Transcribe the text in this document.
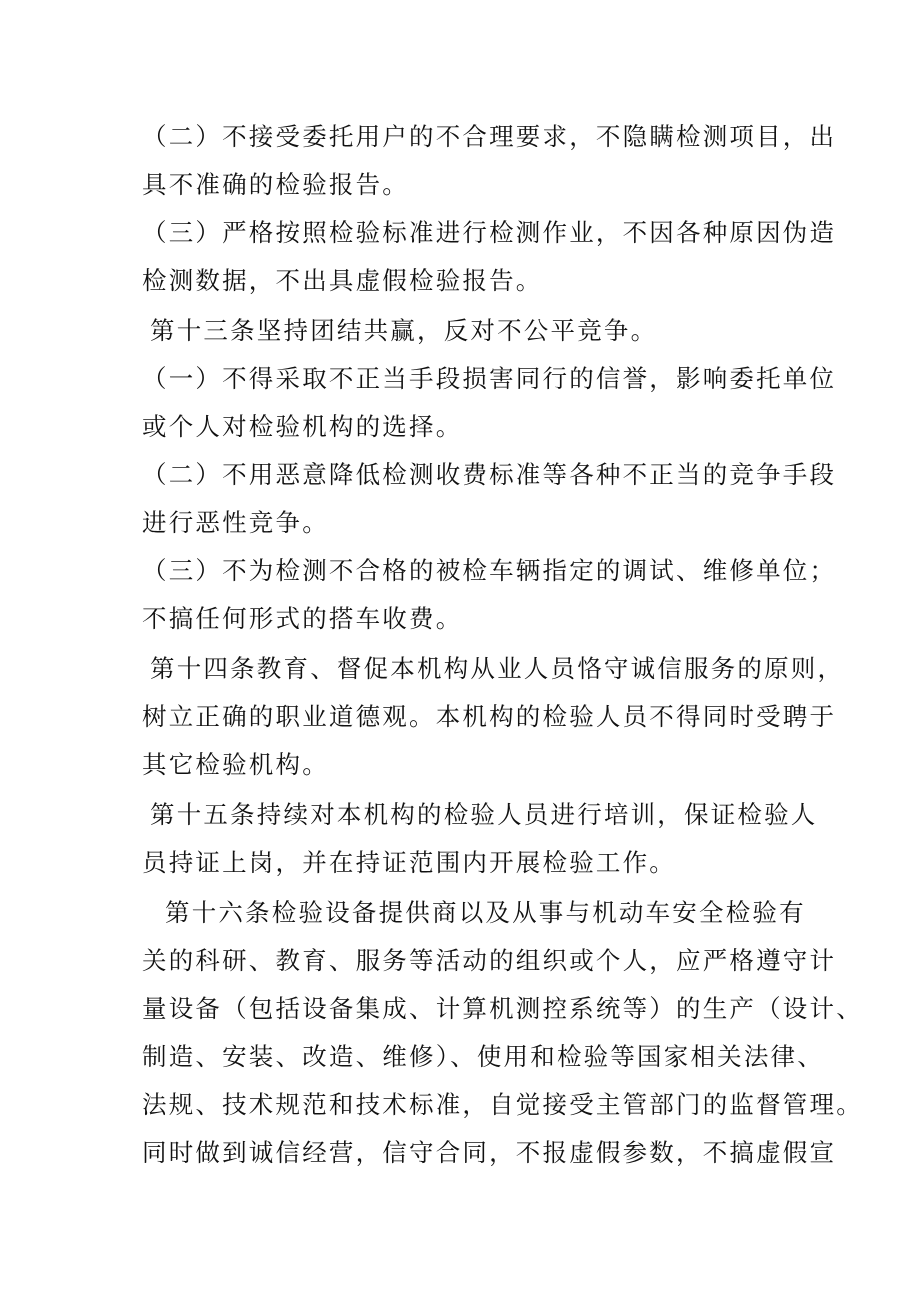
（二）不接受委托用户的不合理要求，不隐瞒检测项目，出
具不准确的检验报告。
（三）严格按照检验标准进行检测作业，不因各种原因伪造
检测数据，不出具虚假检验报告。
第十三条坚持团结共赢，反对不公平竞争。
（一）不得采取不正当手段损害同行的信誉，影响委托单位
或个人对检验机构的选择。
（二）不用恶意降低检测收费标准等各种不正当的竞争手段
进行恶性竞争。
（三）不为检测不合格的被检车辆指定的调试、维修单位；
不搞任何形式的搭车收费。
第十四条教育、督促本机构从业人员恪守诚信服务的原则，
树立正确的职业道德观。本机构的检验人员不得同时受聘于
其它检验机构。
第十五条持续对本机构的检验人员进行培训，保证检验人
员持证上岗，并在持证范围内开展检验工作。
第十六条检验设备提供商以及从事与机动车安全检验有
关的科研、教育、服务等活动的组织或个人，应严格遵守计
量设备（包括设备集成、计算机测控系统等）的生产（设计、
制造、安装、改造、维修）、使用和检验等国家相关法律、
法规、技术规范和技术标准，自觉接受主管部门的监督管理。
同时做到诚信经营，信守合同，不报虚假参数，不搞虚假宣
